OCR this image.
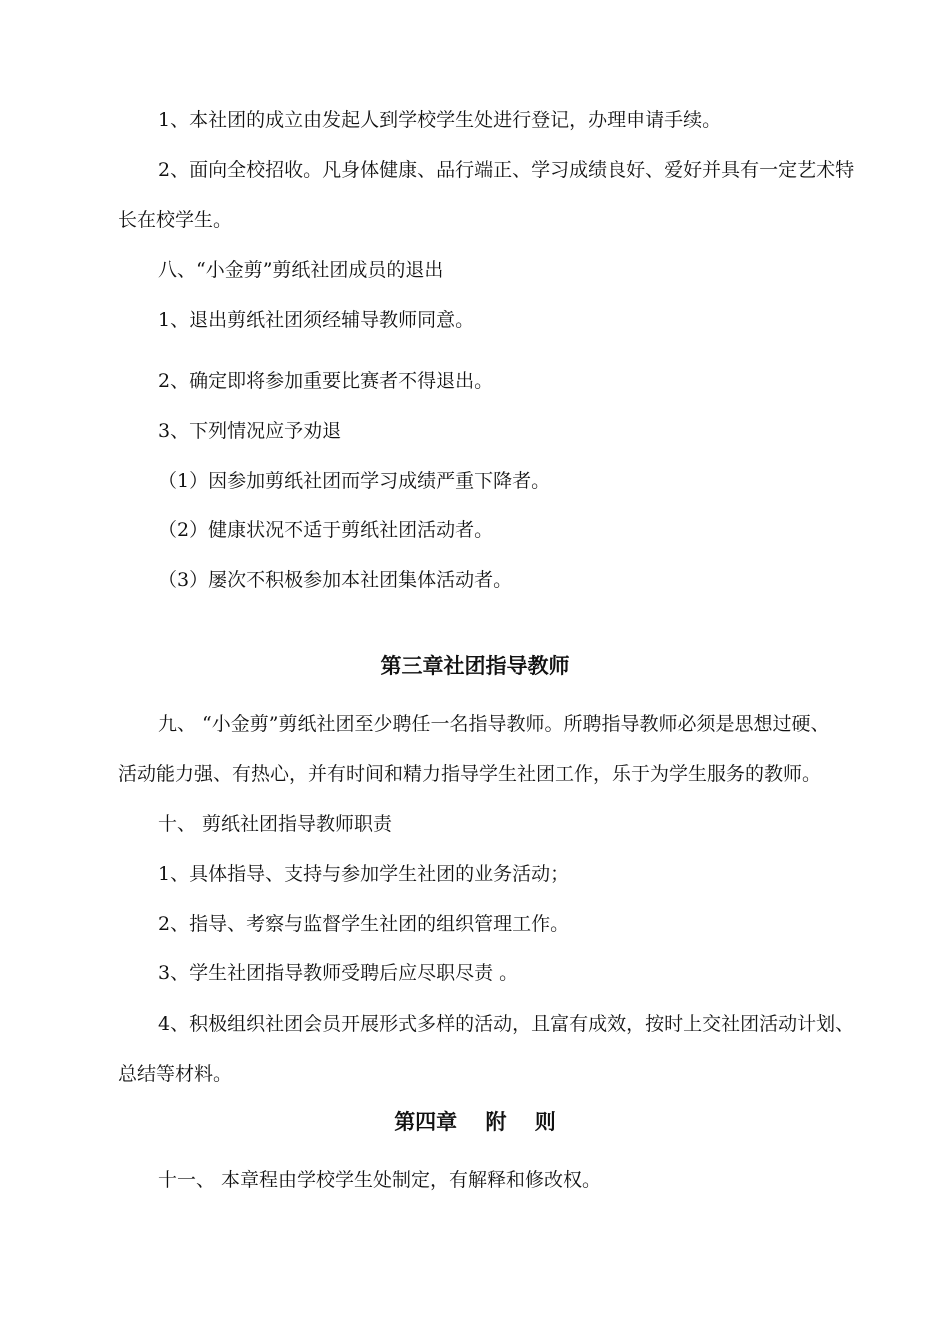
1、本社团的成立由发起人到学校学生处进行登记，办理申请手续。

2、面向全校招收。凡身体健康、品行端正、学习成绩良好、爱好并具有一定艺术特

长在校学生。

八、“小金剪”剪纸社团成员的退出

1、退出剪纸社团须经辅导教师同意。

2、确定即将参加重要比赛者不得退出。

3、下列情况应予劝退

（1）因参加剪纸社团而学习成绩严重下降者。

（2）健康状况不适于剪纸社团活动者。

（3）屡次不积极参加本社团集体活动者。

第三章社团指导教师

九、 “小金剪”剪纸社团至少聘任一名指导教师。所聘指导教师必须是思想过硬、

活动能力强、有热心，并有时间和精力指导学生社团工作，乐于为学生服务的教师。

十、 剪纸社团指导教师职责

1、具体指导、支持与参加学生社团的业务活动；

2、指导、考察与监督学生社团的组织管理工作。

3、学生社团指导教师受聘后应尽职尽责 。

4、积极组织社团会员开展形式多样的活动，且富有成效，按时上交社团活动计划、

总结等材料。

第四章　 附　 则

十一、 本章程由学校学生处制定，有解释和修改权。
